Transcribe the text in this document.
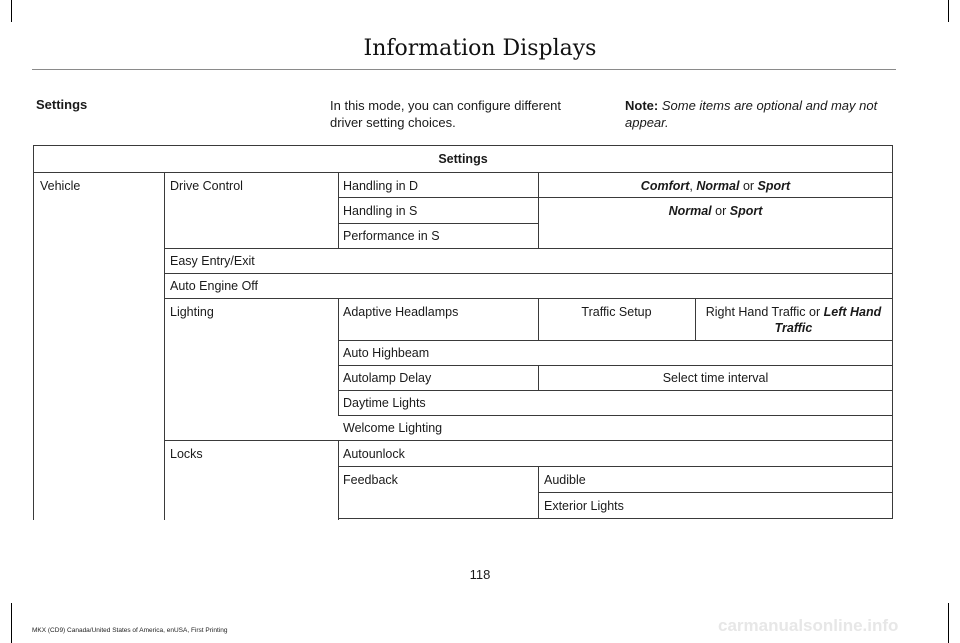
Information Displays
Settings	In this mode, you can configure different driver setting choices.
Note: Some items are optional and may not appear.
Settings
Vehicle	Drive Control	Handling in D	Comfort, Normal or Sport
Handling in S	Normal or Sport
Performance in S
Easy Entry/Exit
Auto Engine Off
Lighting	Adaptive Headlamps	Traffic Setup	Right Hand Traffic or Left Hand
Traffic
Auto Highbeam
Autolamp Delay	Select time interval
Daytime Lights
Welcome Lighting
Locks	Autounlock
Feedback	Audible
Exterior Lights
118
carmanualsonline.info
MKX (CD9) Canada/United States of America, enUSA, First Printing
